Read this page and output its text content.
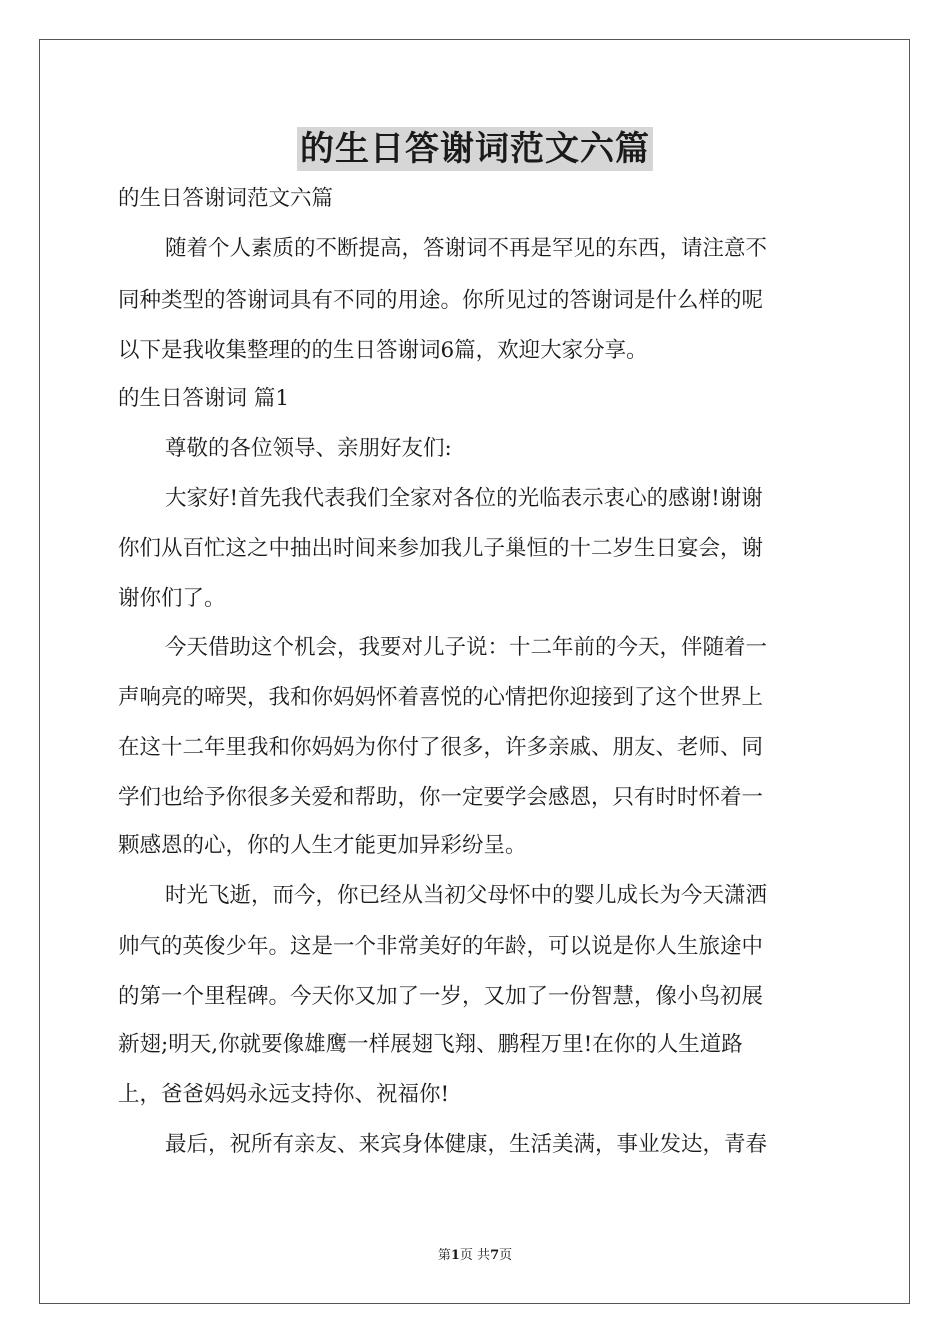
的生日答谢词范文六篇
的生日答谢词范文六篇
随着个人素质的不断提高，答谢词不再是罕见的东西，请注意不
同种类型的答谢词具有不同的用途。你所见过的答谢词是什么样的呢
以下是我收集整理的的生日答谢词6篇，欢迎大家分享。
的生日答谢词 篇1
尊敬的各位领导、亲朋好友们:
大家好!首先我代表我们全家对各位的光临表示衷心的感谢!谢谢
你们从百忙这之中抽出时间来参加我儿子巢恒的十二岁生日宴会，谢
谢你们了。
今天借助这个机会，我要对儿子说：十二年前的今天，伴随着一
声响亮的啼哭，我和你妈妈怀着喜悦的心情把你迎接到了这个世界上
在这十二年里我和你妈妈为你付了很多，许多亲戚、朋友、老师、同
学们也给予你很多关爱和帮助，你一定要学会感恩，只有时时怀着一
颗感恩的心，你的人生才能更加异彩纷呈。
时光飞逝，而今，你已经从当初父母怀中的婴儿成长为今天潇洒
帅气的英俊少年。这是一个非常美好的年龄，可以说是你人生旅途中
的第一个里程碑。今天你又加了一岁，又加了一份智慧，像小鸟初展
新翅;明天,你就要像雄鹰一样展翅飞翔、鹏程万里!在你的人生道路
上，爸爸妈妈永远支持你、祝福你!
最后，祝所有亲友、来宾身体健康，生活美满，事业发达，青春
第1页 共7页
